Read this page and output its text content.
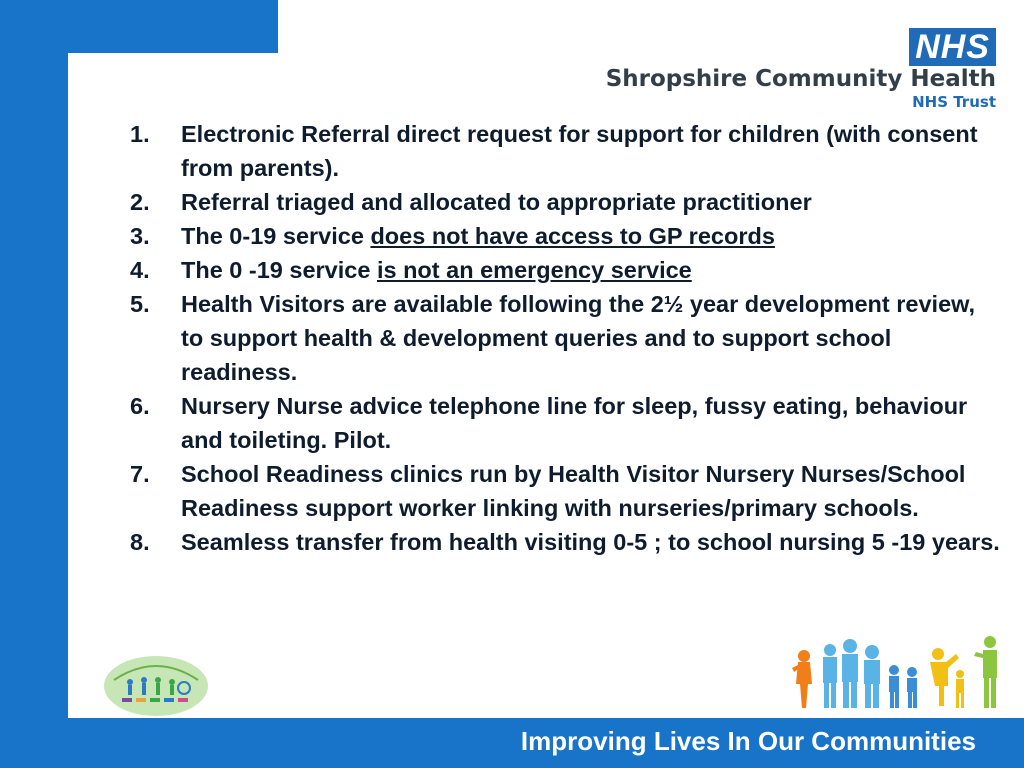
NHS
Shropshire Community Health
NHS Trust
1.	Electronic Referral direct request for support for children (with consent from parents).
2.	Referral triaged and allocated to appropriate practitioner
3.	The 0-19 service does not have access to GP records
4.	The 0 -19 service is not an emergency service
5.	Health Visitors are available following the 2½ year development review, to support health & development queries and to support school readiness.
6.	Nursery Nurse advice telephone line for sleep, fussy eating, behaviour and toileting. Pilot.
7.	School Readiness clinics run by Health Visitor Nursery Nurses/School Readiness support worker linking with nurseries/primary schools.
8.	Seamless transfer from health visiting 0-5 ; to school nursing 5 -19 years.
Improving Lives In Our Communities
